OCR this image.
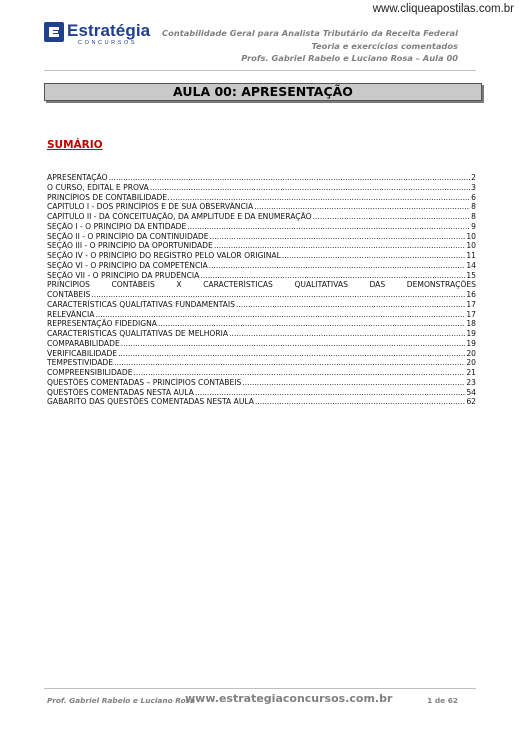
www.cliqueapostilas.com.br
Estratégia
CONCURSOS
Contabilidade Geral para Analista Tributário da Receita Federal
Teoria e exercícios comentados
Profs. Gabriel Rabelo e Luciano Rosa – Aula 00
AULA 00: APRESENTAÇÃO
SUMÁRIO
APRESENTAÇÃO .....	2
O CURSO, EDITAL E PROVA .....	3
PRINCÍPIOS DE CONTABILIDADE. .....	6
CAPÍTULO I - DOS PRINCÍPIOS E DE SUA OBSERVÂNCIA .....	8
CAPÍTULO II - DA CONCEITUAÇÃO, DA AMPLITUDE E DA ENUMERAÇÃO .....	8
SEÇÃO I - O PRINCÍPIO DA ENTIDADE .....	9
SEÇÃO II - O PRINCÍPIO DA CONTINUIDADE .....	10
SEÇÃO III - O PRINCÍPIO DA OPORTUNIDADE .....	10
SEÇÃO IV - O PRINCÍPIO DO REGISTRO PELO VALOR ORIGINAL .....	11
SEÇÃO VI - O PRINCÍPIO DA COMPETÊNCIA .....	14
SEÇÃO VII - O PRINCÍPIO DA PRUDÊNCIA .....	15
PRINCÍPIOS CONTÁBEIS X CARACTERÍSTICAS QUALITATIVAS DAS DEMONSTRAÇÕES
CONTÁBEIS .....	16
CARACTERÍSTICAS QUALITATIVAS FUNDAMENTAIS .....	17
RELEVÂNCIA .....	17
REPRESENTAÇÃO FIDEDIGNA .....	18
CARACTERÍSTICAS QUALITATIVAS DE MELHORIA .....	19
COMPARABILIDADE .....	19
VERIFICABILIDADE .....	20
TEMPESTIVIDADE .....	20
COMPREENSIBILIDADE .....	21
QUESTÕES COMENTADAS – PRINCÍPIOS CONTÁBEIS .....	23
QUESTÕES COMENTADAS NESTA AULA .....	54
GABARITO DAS QUESTÕES COMENTADAS NESTA AULA .....	62
Prof. Gabriel Rabelo e Luciano Rosa
www.estrategiaconcursos.com.br	1 de 62
